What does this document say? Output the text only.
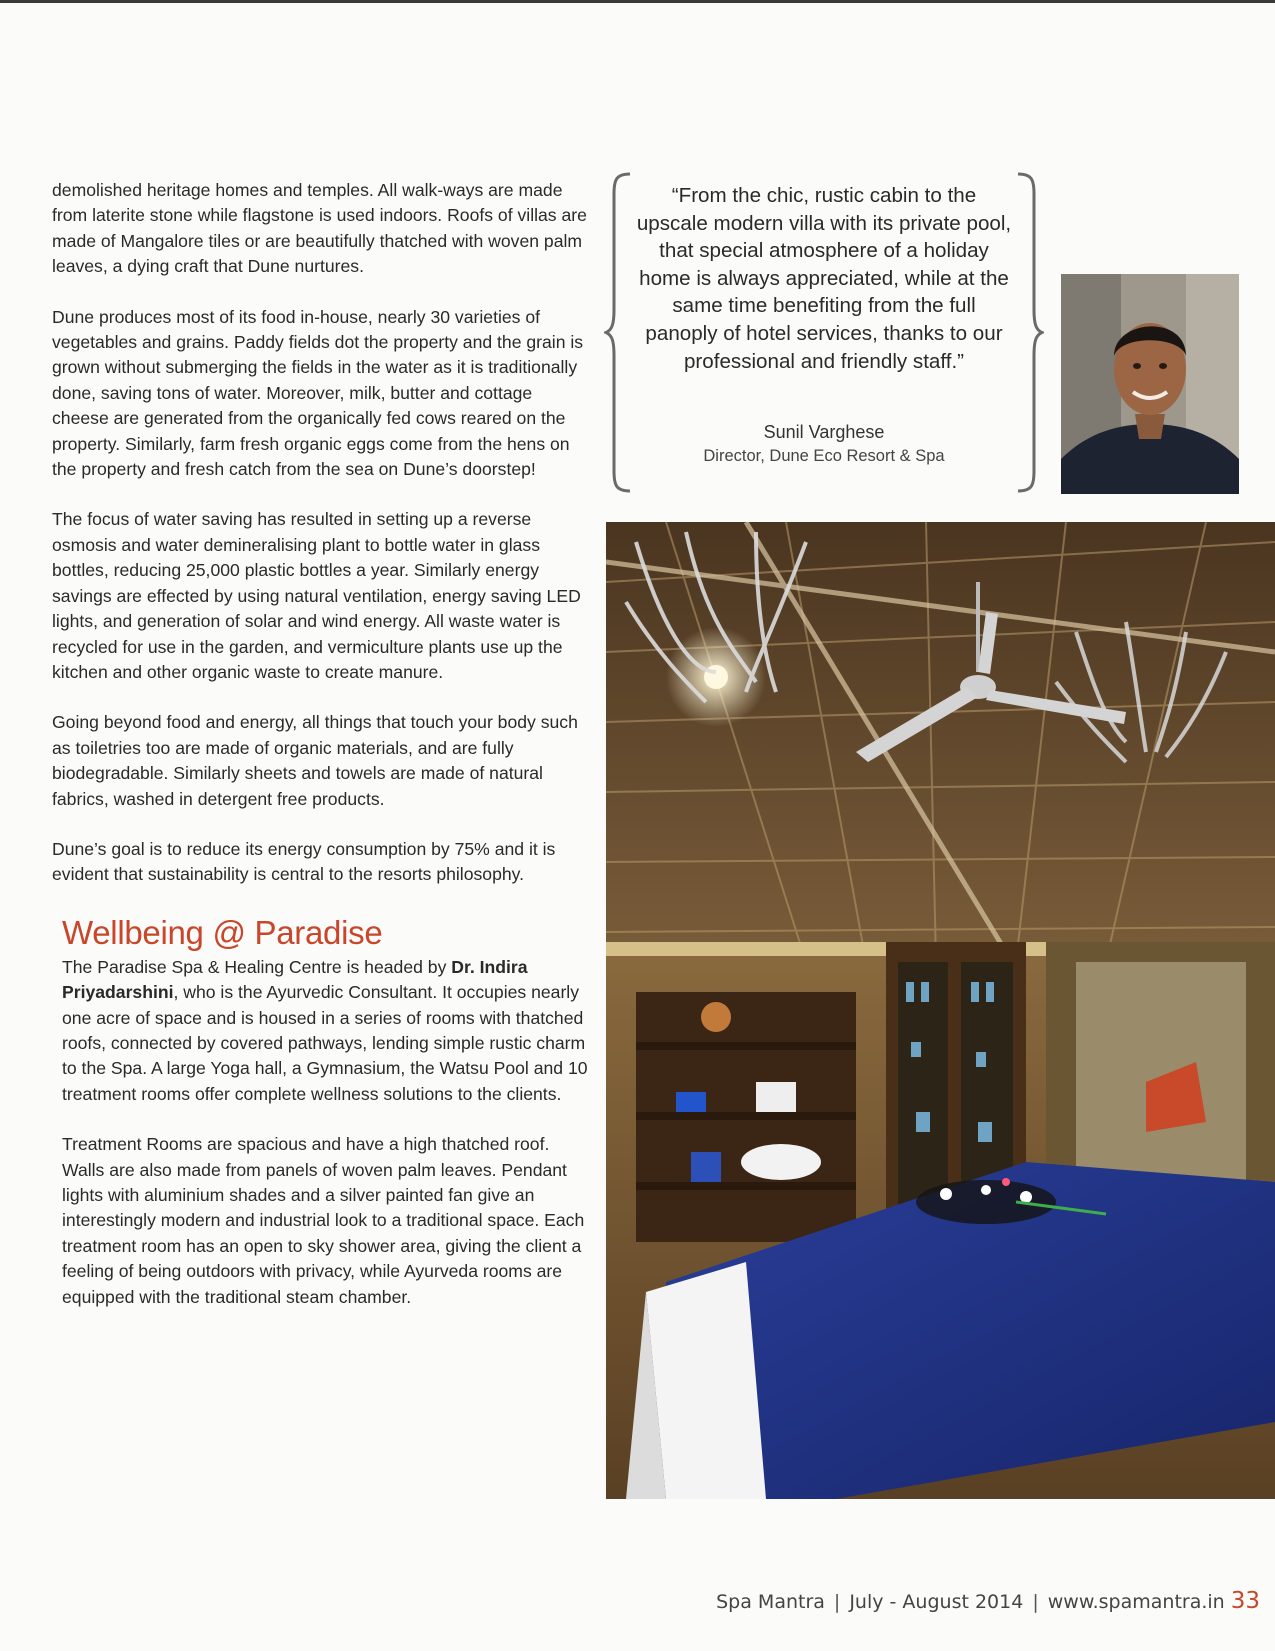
demolished heritage homes and temples. All walk-ways are made from laterite stone while flagstone is used indoors. Roofs of villas are made of Mangalore tiles or are beautifully thatched with woven palm leaves, a dying craft that Dune nurtures.

Dune produces most of its food in-house, nearly 30 varieties of vegetables and grains. Paddy fields dot the property and the grain is grown without submerging the fields in the water as it is traditionally done, saving tons of water. Moreover, milk, butter and cottage cheese are generated from the organically fed cows reared on the property. Similarly, farm fresh organic eggs come from the hens on the property and fresh catch from the sea on Dune’s doorstep!

The focus of water saving has resulted in setting up a reverse osmosis and water demineralising plant to bottle water in glass bottles, reducing 25,000 plastic bottles a year. Similarly energy savings are effected by using natural ventilation, energy saving LED lights, and generation of solar and wind energy. All waste water is recycled for use in the garden, and vermiculture plants use up the kitchen and other organic waste to create manure.

Going beyond food and energy, all things that touch your body such as toiletries too are made of organic materials, and are fully biodegradable. Similarly sheets and towels are made of natural fabrics, washed in detergent free products.

Dune’s goal is to reduce its energy consumption by 75% and it is evident that sustainability is central to the resorts philosophy.

Wellbeing @ Paradise

The Paradise Spa & Healing Centre is headed by Dr. Indira Priyadarshini, who is the Ayurvedic Consultant. It occupies nearly one acre of space and is housed in a series of rooms with thatched roofs, connected by covered pathways, lending simple rustic charm to the Spa. A large Yoga hall, a Gymnasium, the Watsu Pool and 10 treatment rooms offer complete wellness solutions to the clients.

Treatment Rooms are spacious and have a high thatched roof. Walls are also made from panels of woven palm leaves. Pendant lights with aluminium shades and a silver painted fan give an interestingly modern and industrial look to a traditional space. Each treatment room has an open to sky shower area, giving the client a feeling of being outdoors with privacy, while Ayurveda rooms are equipped with the traditional steam chamber.

“From the chic, rustic cabin to the upscale modern villa with its private pool, that special atmosphere of a holiday home is always appreciated, while at the same time benefiting from the full panoply of hotel services, thanks to our professional and friendly staff.”
Sunil Varghese
Director, Dune Eco Resort & Spa
Spa Mantra | July - August 2014 | www.spamantra.in 33
